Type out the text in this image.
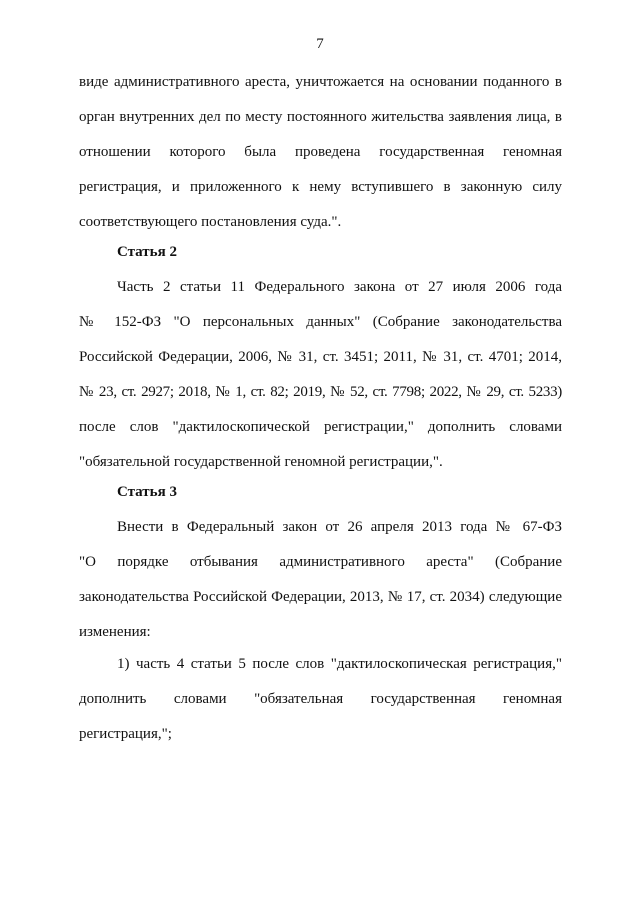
7
виде административного ареста, уничтожается на основании поданного в
орган внутренних дел по месту постоянного жительства заявления лица, в
отношении которого была проведена государственная геномная
регистрация, и приложенного к нему вступившего в законную силу
соответствующего постановления суда.".
Статья 2
Часть 2 статьи 11 Федерального закона от 27 июля 2006 года
№ 152-ФЗ "О персональных данных" (Собрание законодательства
Российской Федерации, 2006, № 31, ст. 3451; 2011, № 31, ст. 4701; 2014,
№ 23, ст. 2927; 2018, № 1, ст. 82; 2019, № 52, ст. 7798; 2022, № 29, ст. 5233)
после слов "дактилоскопической регистрации," дополнить словами
"обязательной государственной геномной регистрации,".
Статья 3
Внести в Федеральный закон от 26 апреля 2013 года № 67-ФЗ
"О порядке отбывания административного ареста" (Собрание
законодательства Российской Федерации, 2013, № 17, ст. 2034) следующие
изменения:
1) часть 4 статьи 5 после слов "дактилоскопическая регистрация,"
дополнить словами "обязательная государственная геномная
регистрация,";
